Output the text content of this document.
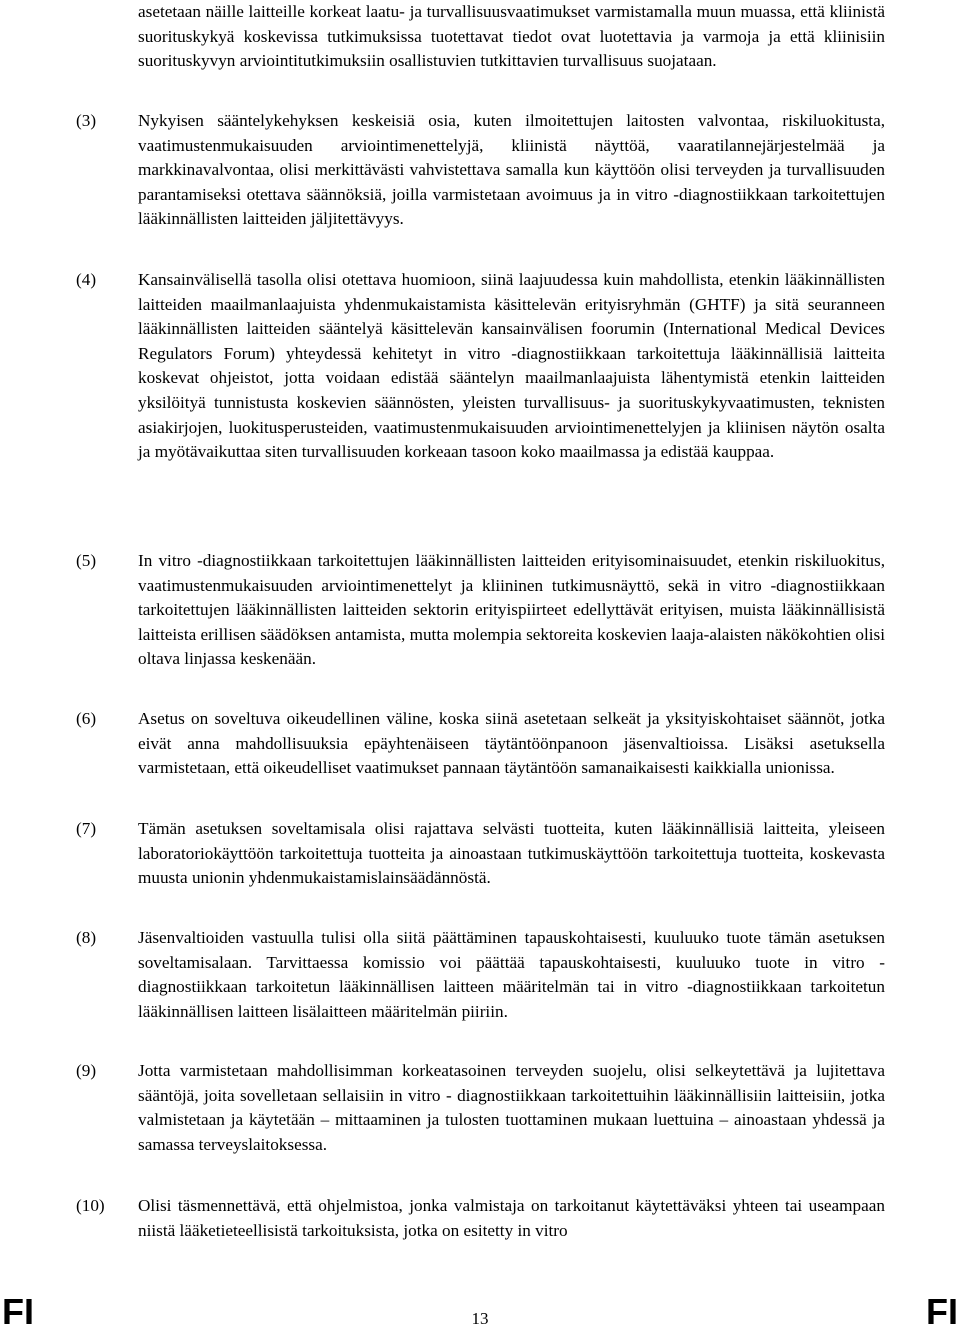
asetetaan näille laitteille korkeat laatu- ja turvallisuusvaatimukset varmistamalla muun muassa, että kliinistä suorituskykyä koskevissa tutkimuksissa tuotettavat tiedot ovat luotettavia ja varmoja ja että kliinisiin suorituskyvyn arviointitutkimuksiin osallistuvien tutkittavien turvallisuus suojataan.

(3) Nykyisen sääntelykehyksen keskeisiä osia, kuten ilmoitettujen laitosten valvontaa, riskiluokitusta, vaatimustenmukaisuuden arviointimenettelyjä, kliinistä näyttöä, vaaratilannejärjestelmää ja markkinavalvontaa, olisi merkittävästi vahvistettava samalla kun käyttöön olisi terveyden ja turvallisuuden parantamiseksi otettava säännöksiä, joilla varmistetaan avoimuus ja in vitro -diagnostiikkaan tarkoitettujen lääkinnällisten laitteiden jäljitettävyys.

(4) Kansainvälisellä tasolla olisi otettava huomioon, siinä laajuudessa kuin mahdollista, etenkin lääkinnällisten laitteiden maailmanlaajuista yhdenmukaistamista käsittelevän erityisryhmän (GHTF) ja sitä seuranneen lääkinnällisten laitteiden sääntelyä käsittelevän kansainvälisen foorumin (International Medical Devices Regulators Forum) yhteydessä kehitetyt in vitro -diagnostiikkaan tarkoitettuja lääkinnällisiä laitteita koskevat ohjeistot, jotta voidaan edistää sääntelyn maailmanlaajuista lähentymistä etenkin laitteiden yksilöityä tunnistusta koskevien säännösten, yleisten turvallisuus- ja suorituskykyvaatimusten, teknisten asiakirjojen, luokitusperusteiden, vaatimustenmukaisuuden arviointimenettelyjen ja kliinisen näytön osalta ja myötävaikuttaa siten turvallisuuden korkeaan tasoon koko maailmassa ja edistää kauppaa.

(5) In vitro -diagnostiikkaan tarkoitettujen lääkinnällisten laitteiden erityisominaisuudet, etenkin riskiluokitus, vaatimustenmukaisuuden arviointimenettelyt ja kliininen tutkimusnäyttö, sekä in vitro -diagnostiikkaan tarkoitettujen lääkinnällisten laitteiden sektorin erityispiirteet edellyttävät erityisen, muista lääkinnällisistä laitteista erillisen säädöksen antamista, mutta molempia sektoreita koskevien laaja-alaisten näkökohtien olisi oltava linjassa keskenään.

(6) Asetus on soveltuva oikeudellinen väline, koska siinä asetetaan selkeät ja yksityiskohtaiset säännöt, jotka eivät anna mahdollisuuksia epäyhtenäiseen täytäntöönpanoon jäsenvaltioissa. Lisäksi asetuksella varmistetaan, että oikeudelliset vaatimukset pannaan täytäntöön samanaikaisesti kaikkialla unionissa.

(7) Tämän asetuksen soveltamisala olisi rajattava selvästi tuotteita, kuten lääkinnällisiä laitteita, yleiseen laboratoriokäyttöön tarkoitettuja tuotteita ja ainoastaan tutkimuskäyttöön tarkoitettuja tuotteita, koskevasta muusta unionin yhdenmukaistamislainsäädännöstä.

(8) Jäsenvaltioiden vastuulla tulisi olla siitä päättäminen tapauskohtaisesti, kuuluuko tuote tämän asetuksen soveltamisalaan. Tarvittaessa komissio voi päättää tapauskohtaisesti, kuuluuko tuote in vitro -diagnostiikkaan tarkoitetun lääkinnällisen laitteen määritelmän tai in vitro -diagnostiikkaan tarkoitetun lääkinnällisen laitteen lisälaitteen määritelmän piiriin.

(9) Jotta varmistetaan mahdollisimman korkeatasoinen terveyden suojelu, olisi selkeytettävä ja lujitettava sääntöjä, joita sovelletaan sellaisiin in vitro - diagnostiikkaan tarkoitettuihin lääkinnällisiin laitteisiin, jotka valmistetaan ja käytetään – mittaaminen ja tulosten tuottaminen mukaan luettuina – ainoastaan yhdessä ja samassa terveyslaitoksessa.

(10) Olisi täsmennettävä, että ohjelmistoa, jonka valmistaja on tarkoitanut käytettäväksi yhteen tai useampaan niistä lääketieteellisistä tarkoituksista, jotka on esitetty in vitro

FI	13	FI
